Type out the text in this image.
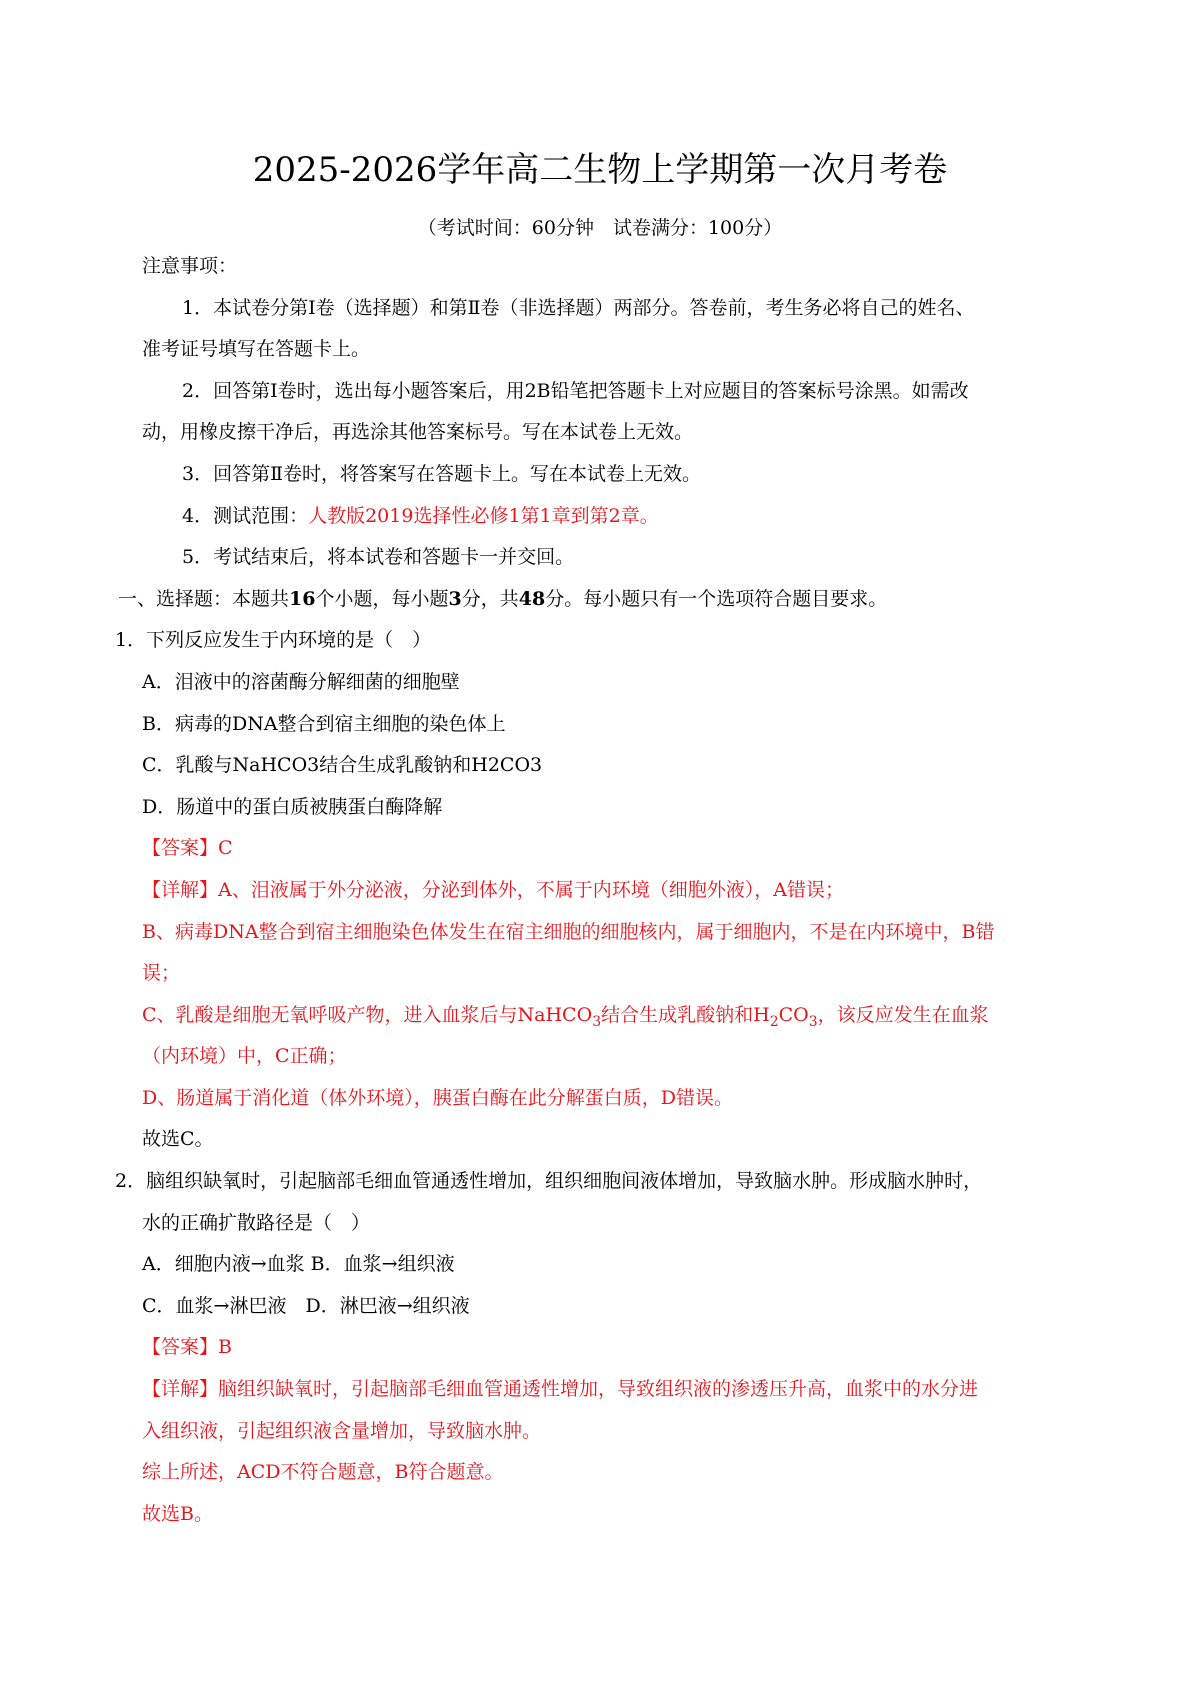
2025-2026学年高二生物上学期第一次月考卷
（考试时间：60分钟　试卷满分：100分）
注意事项：
1．本试卷分第Ⅰ卷（选择题）和第Ⅱ卷（非选择题）两部分。答卷前，考生务必将自己的姓名、
准考证号填写在答题卡上。
2．回答第Ⅰ卷时，选出每小题答案后，用2B铅笔把答题卡上对应题目的答案标号涂黑。如需改
动，用橡皮擦干净后，再选涂其他答案标号。写在本试卷上无效。
3．回答第Ⅱ卷时，将答案写在答题卡上。写在本试卷上无效。
4．测试范围：人教版2019选择性必修1第1章到第2章。
5．考试结束后，将本试卷和答题卡一并交回。
一、选择题：本题共16个小题，每小题3分，共48分。每小题只有一个选项符合题目要求。
1．下列反应发生于内环境的是（　）
A．泪液中的溶菌酶分解细菌的细胞壁
B．病毒的DNA整合到宿主细胞的染色体上
C．乳酸与NaHCO3结合生成乳酸钠和H2CO3
D．肠道中的蛋白质被胰蛋白酶降解
【答案】C
【详解】A、泪液属于外分泌液，分泌到体外，不属于内环境（细胞外液），A错误；
B、病毒DNA整合到宿主细胞染色体发生在宿主细胞的细胞核内，属于细胞内，不是在内环境中，B错
误；
C、乳酸是细胞无氧呼吸产物，进入血浆后与NaHCO$_3$结合生成乳酸钠和$H_2CO_3$，该反应发生在血浆
（内环境）中，C正确；
D、肠道属于消化道（体外环境），胰蛋白酶在此分解蛋白质，D错误。
故选C。
2．脑组织缺氧时，引起脑部毛细血管通透性增加，组织细胞间液体增加，导致脑水肿。形成脑水肿时，
水的正确扩散路径是（　）
A．细胞内液→血浆 B．血浆→组织液
C．血浆→淋巴液　D．淋巴液→组织液
【答案】B
【详解】脑组织缺氧时，引起脑部毛细血管通透性增加，导致组织液的渗透压升高，血浆中的水分进
入组织液，引起组织液含量增加，导致脑水肿。
综上所述，ACD不符合题意，B符合题意。
故选B。
